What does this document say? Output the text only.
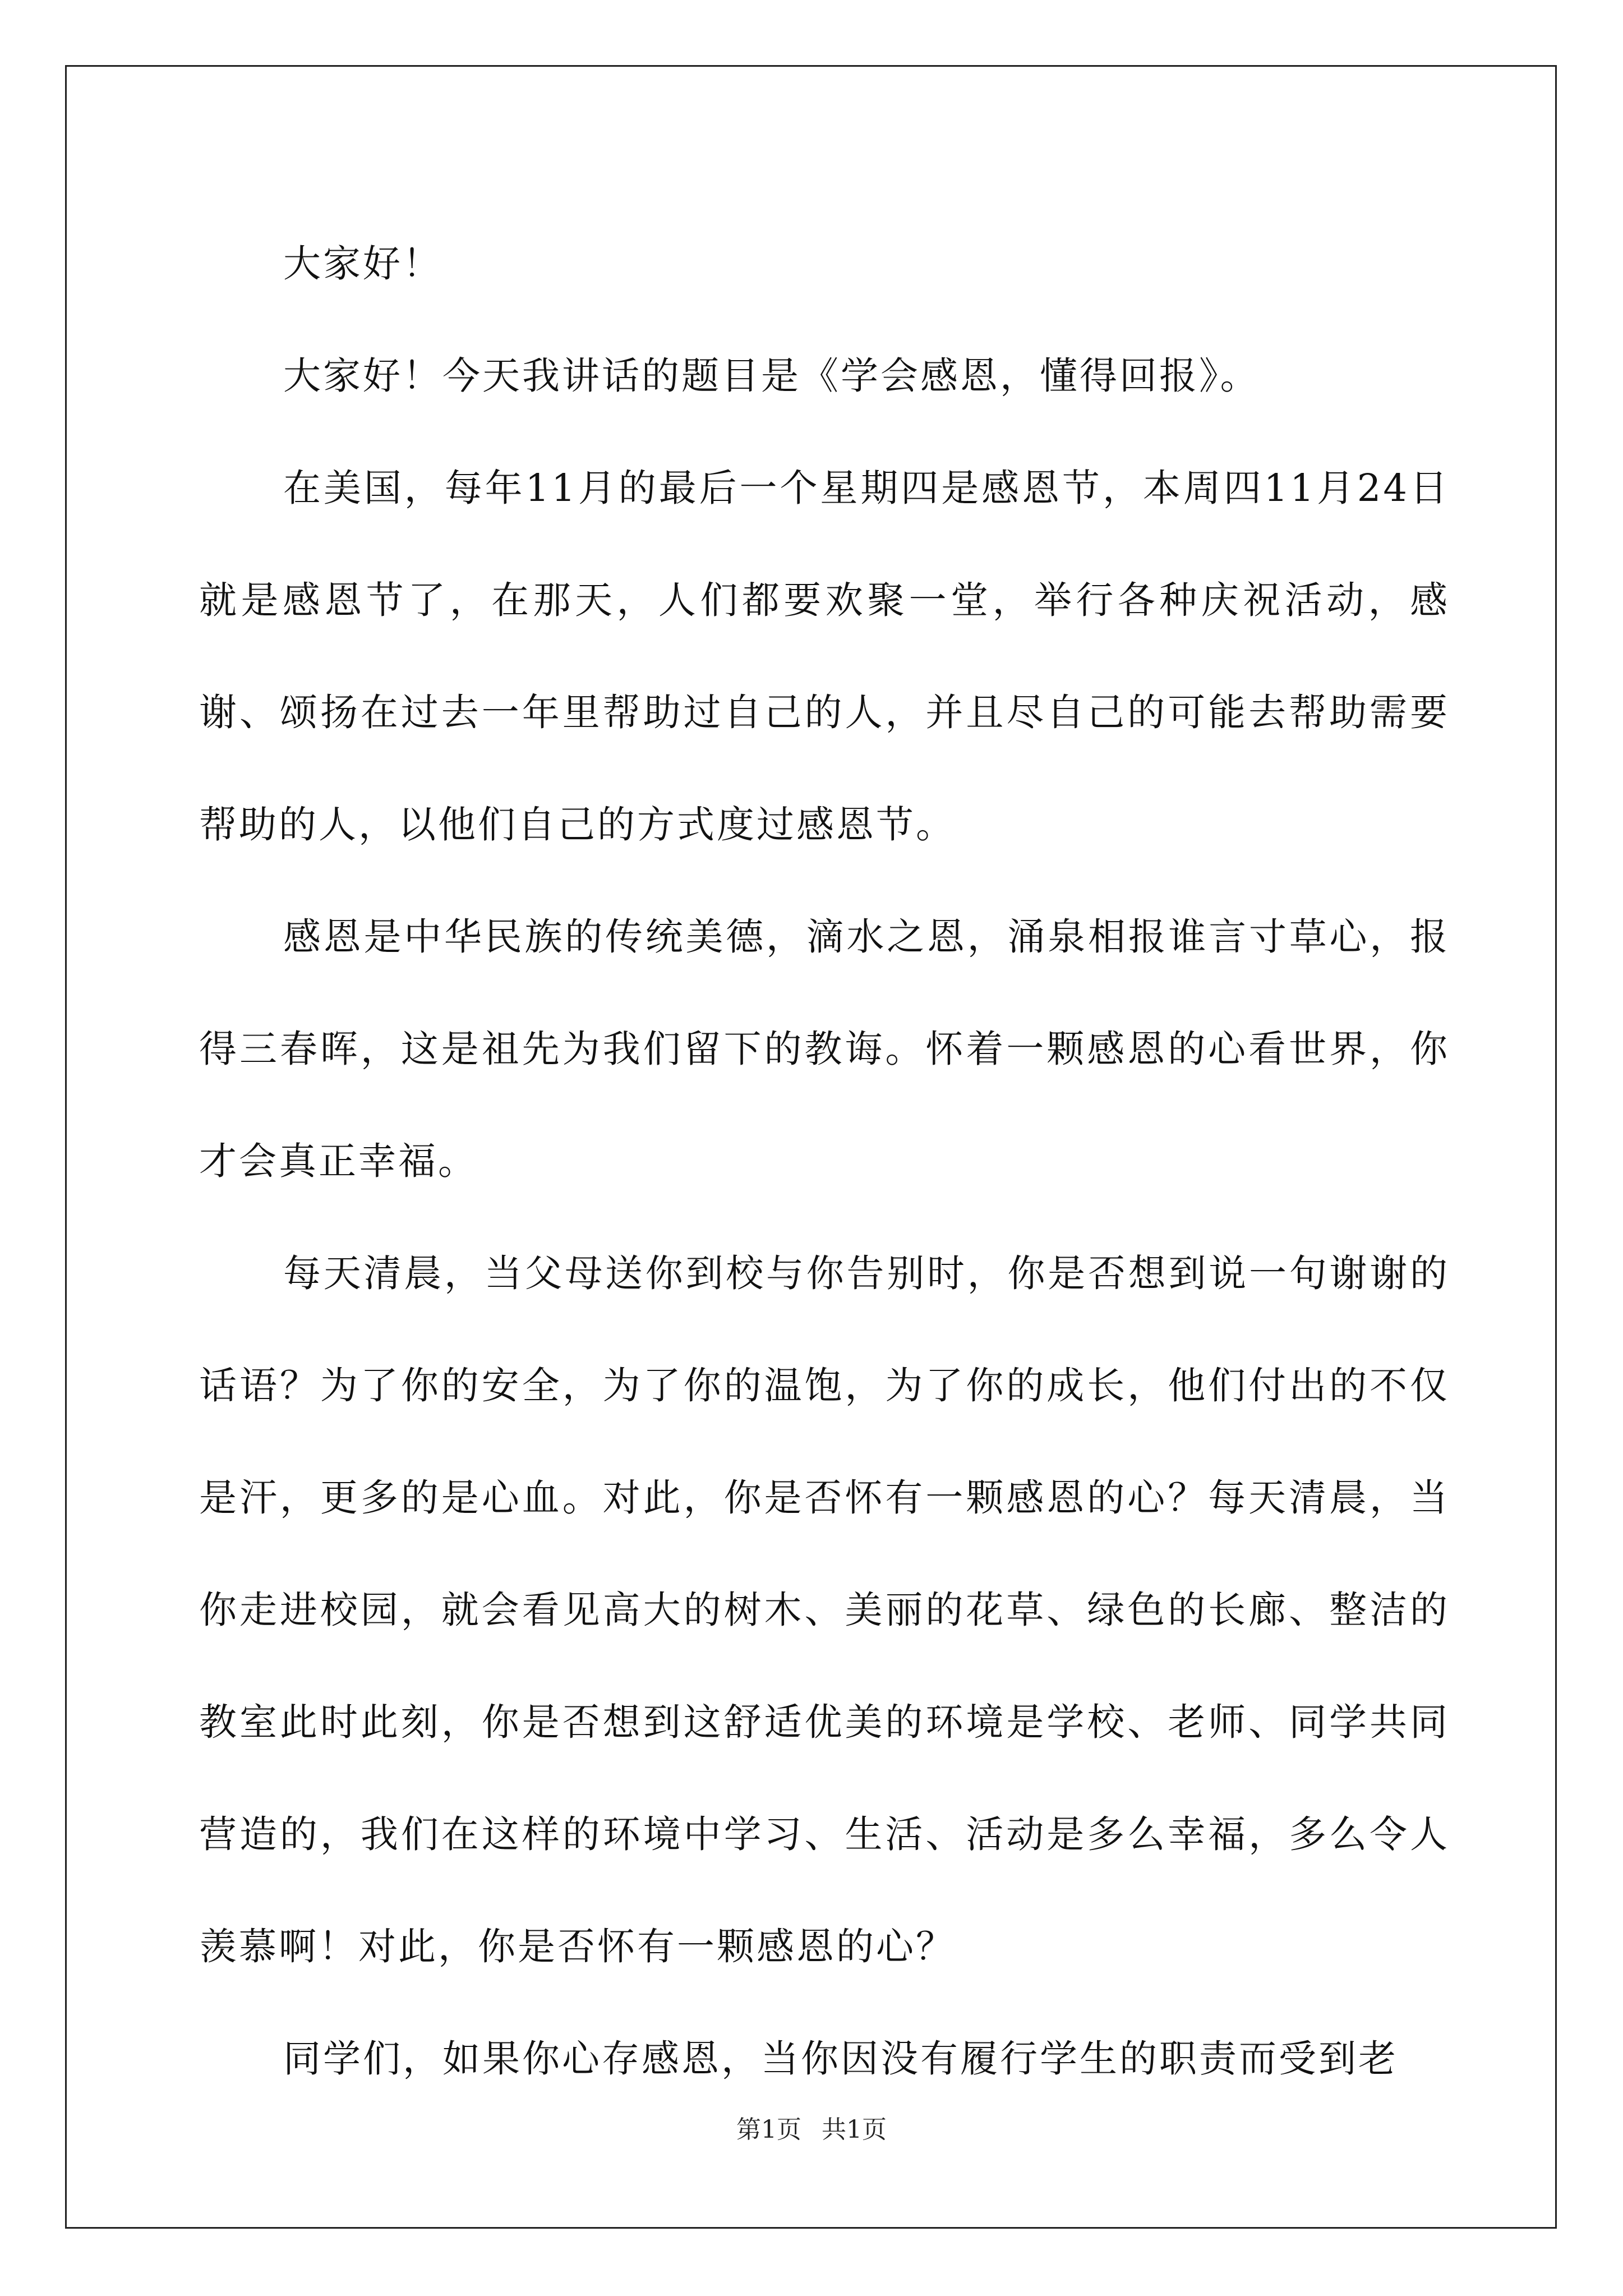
大家好！

大家好！今天我讲话的题目是《学会感恩，懂得回报》。

在美国，每年11月的最后一个星期四是感恩节，本周四11月24日就是感恩节了，在那天，人们都要欢聚一堂，举行各种庆祝活动，感谢、颂扬在过去一年里帮助过自己的人，并且尽自己的可能去帮助需要帮助的人，以他们自己的方式度过感恩节。

感恩是中华民族的传统美德，滴水之恩，涌泉相报谁言寸草心，报得三春晖，这是祖先为我们留下的教诲。怀着一颗感恩的心看世界，你才会真正幸福。

每天清晨，当父母送你到校与你告别时，你是否想到说一句谢谢的话语？为了你的安全，为了你的温饱，为了你的成长，他们付出的不仅是汗，更多的是心血。对此，你是否怀有一颗感恩的心？每天清晨，当你走进校园，就会看见高大的树木、美丽的花草、绿色的长廊、整洁的教室此时此刻，你是否想到这舒适优美的环境是学校、老师、同学共同营造的，我们在这样的环境中学习、生活、活动是多么幸福，多么令人羡慕啊！对此，你是否怀有一颗感恩的心？

同学们，如果你心存感恩，当你因没有履行学生的职责而受到老

第1页 共1页
